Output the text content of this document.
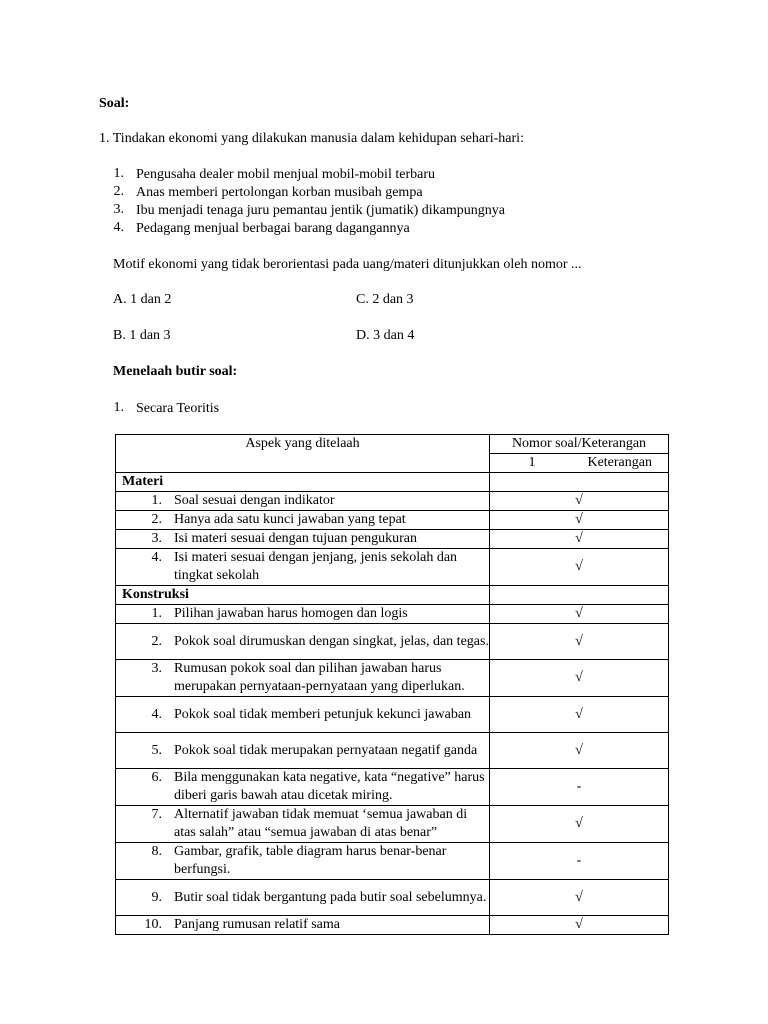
Soal:
1. Tindakan ekonomi yang dilakukan manusia dalam kehidupan sehari-hari:
1. Pengusaha dealer mobil menjual mobil-mobil terbaru
2. Anas memberi pertolongan korban musibah gempa
3. Ibu menjadi tenaga juru pemantau jentik (jumatik) dikampungnya
4. Pedagang menjual berbagai barang dagangannya
Motif ekonomi yang tidak berorientasi pada uang/materi ditunjukkan oleh nomor ...
A. 1 dan 2	C. 2 dan 3
B. 1 dan 3	D. 3 dan 4
Menelaah butir soal:
1. Secara Teoritis
Aspek yang ditelaah	Nomor soal/Keterangan

	1 Keterangan

Materi	

1. Soal sesuai dengan indikator	√

2. Hanya ada satu kunci jawaban yang tepat	√

3. Isi materi sesuai dengan tujuan pengukuran	√

4. Isi materi sesuai dengan jenjang, jenis sekolah dan tingkat sekolah	√
Konstruksi	

1. Pilihan jawaban harus homogen dan logis	√

2. Pokok soal dirumuskan dengan singkat, jelas, dan tegas.	√

3. Rumusan pokok soal dan pilihan jawaban harus merupakan pernyataan-pernyataan yang diperlukan.	√

4. Pokok soal tidak memberi petunjuk kekunci jawaban	√

5. Pokok soal tidak merupakan pernyataan negatif ganda	√

6. Bila menggunakan kata negative, kata “negative” harus diberi garis bawah atau dicetak miring.	-

7. Alternatif jawaban tidak memuat ‘semua jawaban di atas salah” atau “semua jawaban di atas benar”	√

8. Gambar, grafik, table diagram harus benar-benar berfungsi.	-

9. Butir soal tidak bergantung pada butir soal sebelumnya.	√

10. Panjang rumusan relatif sama	√
